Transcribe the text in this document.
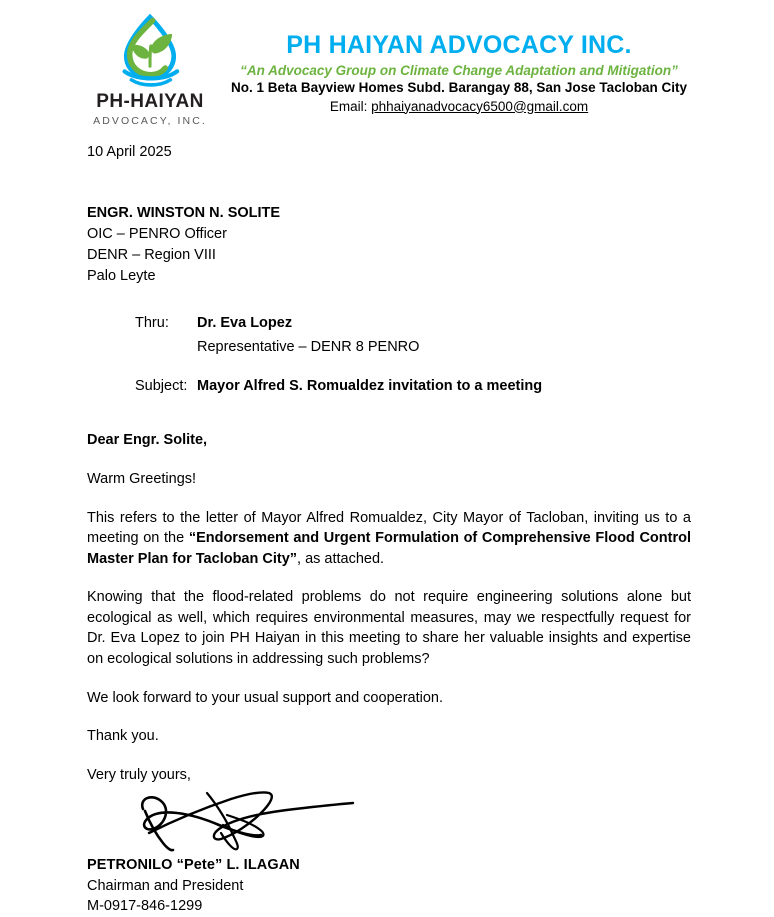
PH-HAIYAN
ADVOCACY, INC.
PH HAIYAN ADVOCACY INC.
“An Advocacy Group on Climate Change Adaptation and Mitigation”
No. 1 Beta Bayview Homes Subd. Barangay 88, San Jose Tacloban City
Email: phhaiyanadvocacy6500@gmail.com

10 April 2025

ENGR. WINSTON N. SOLITE
OIC – PENRO Officer
DENR – Region VIII
Palo Leyte
Thru:	Dr. Eva Lopez
Representative – DENR 8 PENRO
Subject: Mayor Alfred S. Romualdez invitation to a meeting

Dear Engr. Solite,

Warm Greetings!

This refers to the letter of Mayor Alfred Romualdez, City Mayor of Tacloban, inviting us to a meeting on the “Endorsement and Urgent Formulation of Comprehensive Flood Control Master Plan for Tacloban City”, as attached.

Knowing that the flood-related problems do not require engineering solutions alone but ecological as well, which requires environmental measures, may we respectfully request for Dr. Eva Lopez to join PH Haiyan in this meeting to share her valuable insights and expertise on ecological solutions in addressing such problems?

We look forward to your usual support and cooperation.

Thank you.

Very truly yours,

PETRONILO “Pete” L. ILAGAN

Chairman and President

M-0917-846-1299
